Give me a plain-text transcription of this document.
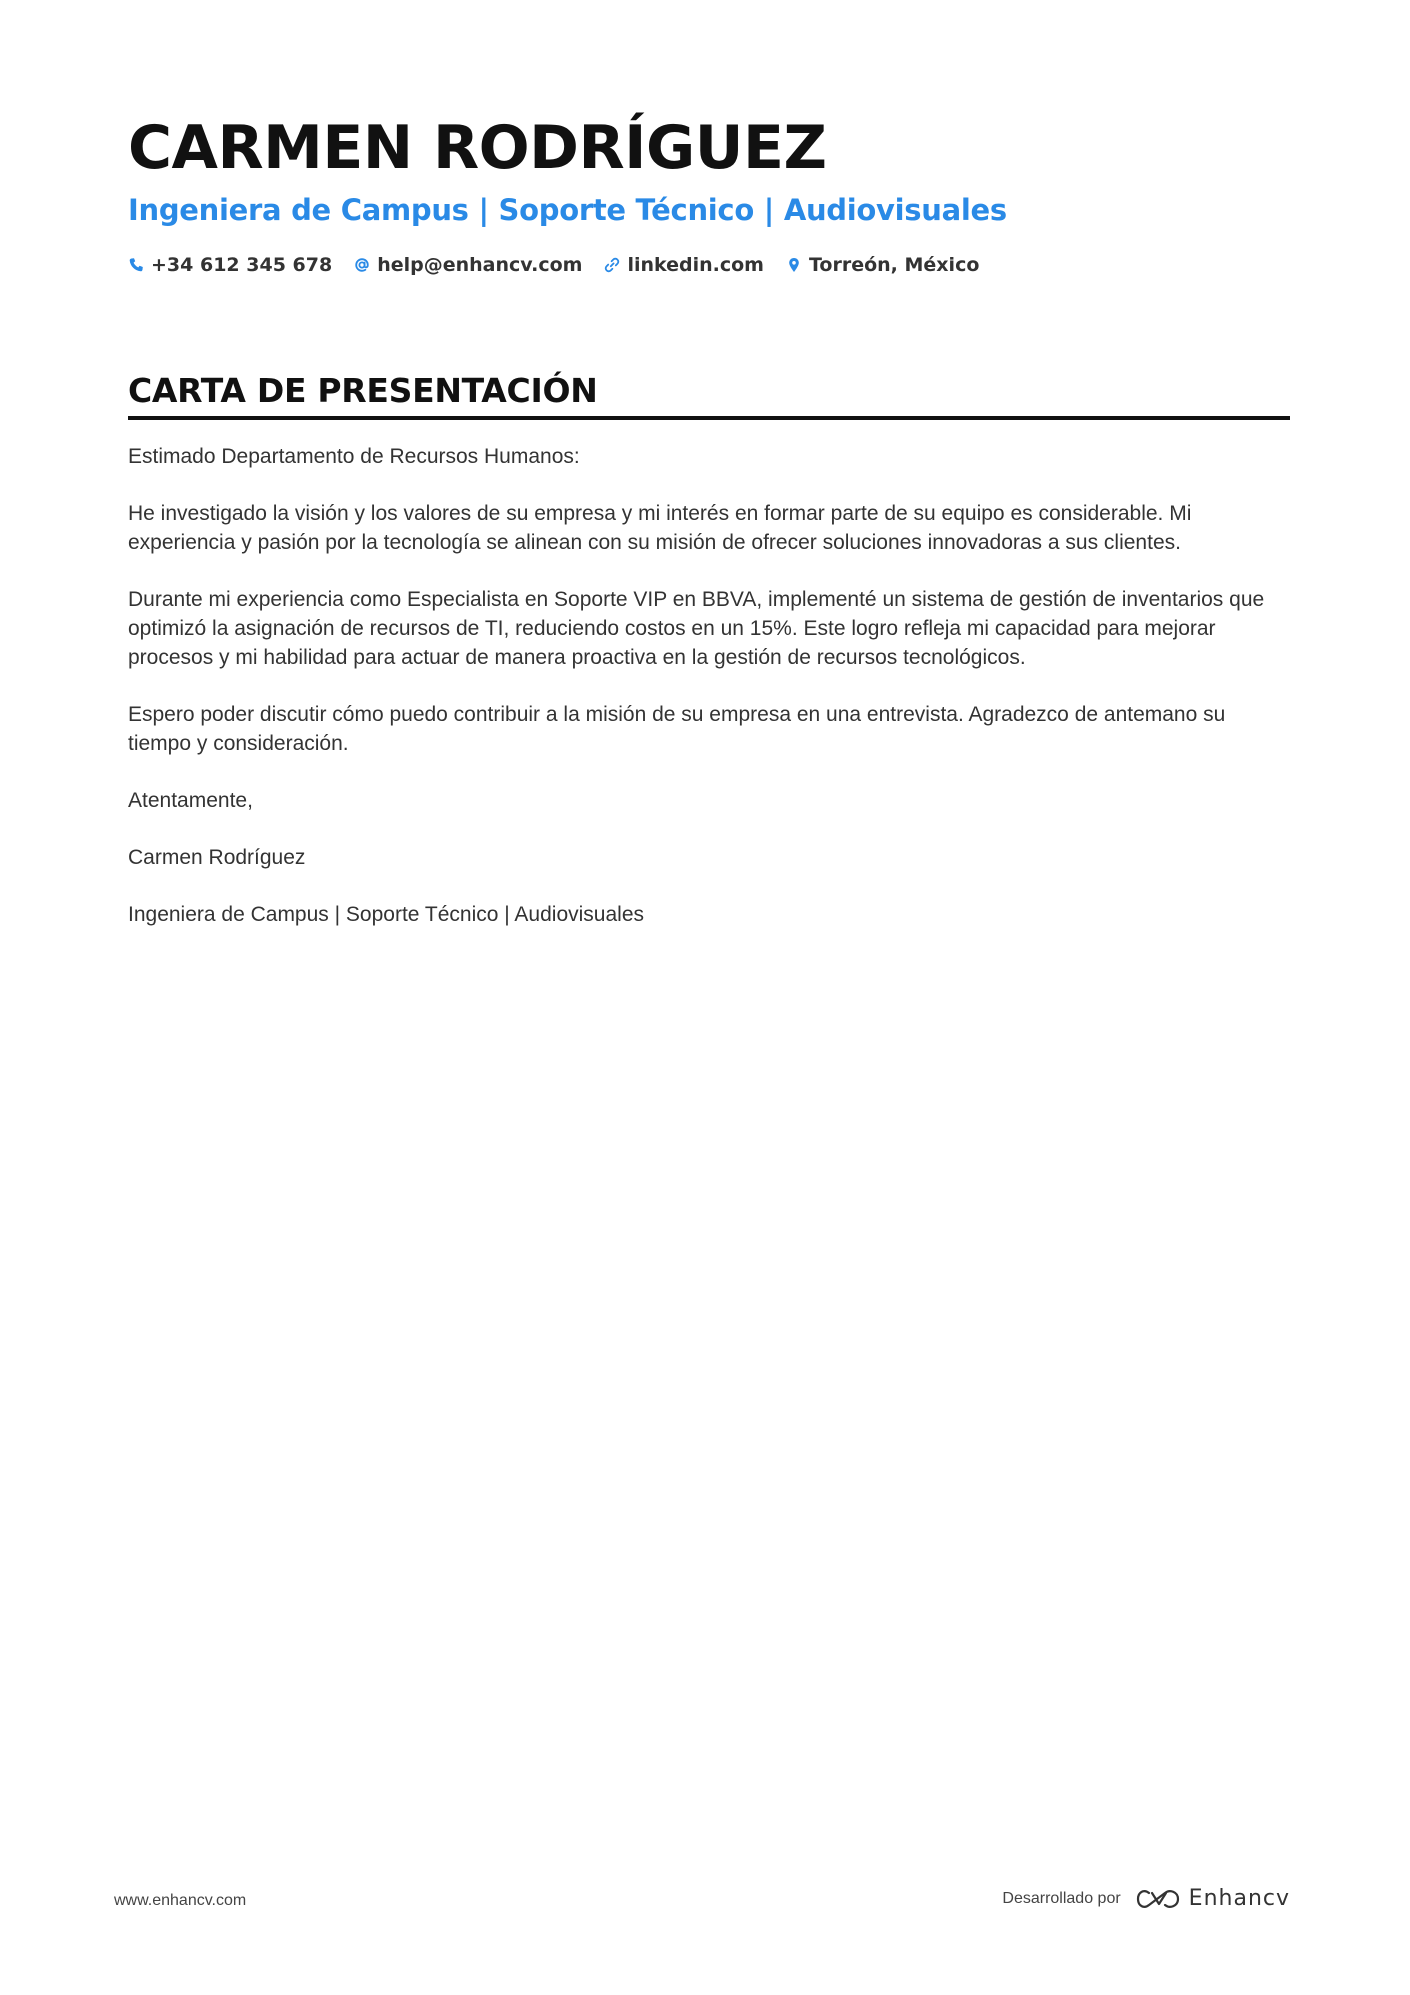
CARMEN RODRÍGUEZ
Ingeniera de Campus | Soporte Técnico | Audiovisuales
+34 612 345 678 help@enhancv.com linkedin.com Torreón, México
CARTA DE PRESENTACIÓN

Estimado Departamento de Recursos Humanos:

He investigado la visión y los valores de su empresa y mi interés en formar parte de su equipo es considerable. Mi experiencia y pasión por la tecnología se alinean con su misión de ofrecer soluciones innovadoras a sus clientes.

Durante mi experiencia como Especialista en Soporte VIP en BBVA, implementé un sistema de gestión de inventarios que optimizó la asignación de recursos de TI, reduciendo costos en un 15%. Este logro refleja mi capacidad para mejorar procesos y mi habilidad para actuar de manera proactiva en la gestión de recursos tecnológicos.

Espero poder discutir cómo puedo contribuir a la misión de su empresa en una entrevista. Agradezco de antemano su tiempo y consideración.

Atentamente,

Carmen Rodríguez

Ingeniera de Campus | Soporte Técnico | Audiovisuales

www.enhancv.com	Desarrollado por	Enhancv
